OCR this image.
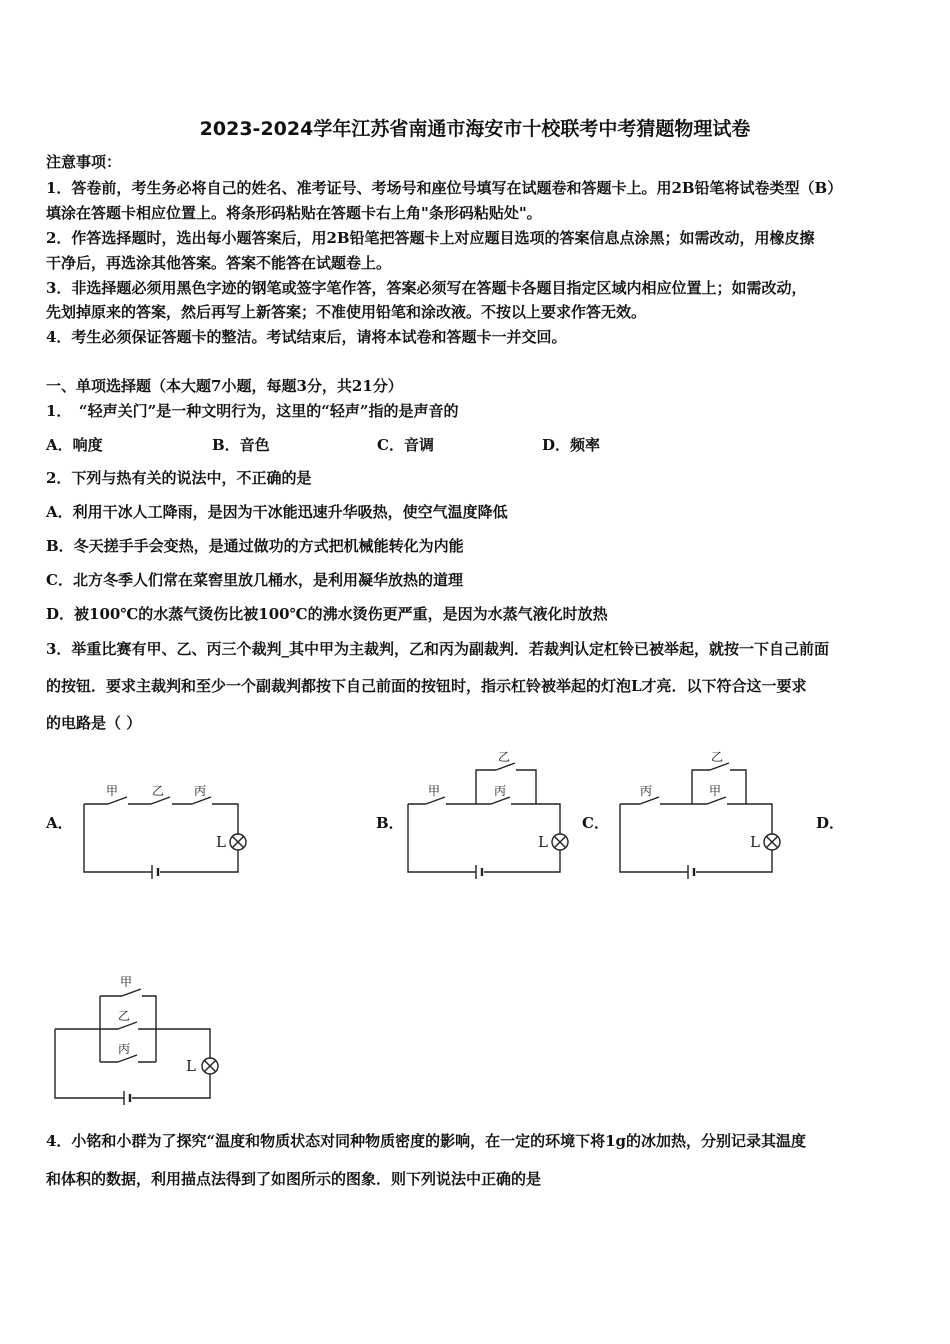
2023-2024学年江苏省南通市海安市十校联考中考猜题物理试卷
注意事项：
1．答卷前，考生务必将自己的姓名、准考证号、考场号和座位号填写在试题卷和答题卡上。用2B铅笔将试卷类型（B）
填涂在答题卡相应位置上。将条形码粘贴在答题卡右上角"条形码粘贴处"。
2．作答选择题时，选出每小题答案后，用2B铅笔把答题卡上对应题目选项的答案信息点涂黑；如需改动，用橡皮擦
干净后，再选涂其他答案。答案不能答在试题卷上。
3．非选择题必须用黑色字迹的钢笔或签字笔作答，答案必须写在答题卡各题目指定区域内相应位置上；如需改动，
先划掉原来的答案，然后再写上新答案；不准使用铅笔和涂改液。不按以上要求作答无效。
4．考生必须保证答题卡的整洁。考试结束后，请将本试卷和答题卡一并交回。
一、单项选择题（本大题7小题，每题3分，共21分）
1．　“轻声关门”是一种文明行为，这里的“轻声”指的是声音的
A．响度	B．音色	C．音调	D．频率
2．下列与热有关的说法中，不正确的是
A．利用干冰人工降雨，是因为干冰能迅速升华吸热，使空气温度降低
B．冬天搓手手会变热，是通过做功的方式把机械能转化为内能
C．北方冬季人们常在菜窖里放几桶水，是利用凝华放热的道理
D．被100℃的水蒸气烫伤比被100℃的沸水烫伤更严重，是因为水蒸气液化时放热
3．举重比赛有甲、乙、丙三个裁判_其中甲为主裁判，乙和丙为副裁判．若裁判认定杠铃已被举起，就按一下自己前面
的按钮．要求主裁判和至少一个副裁判都按下自己前面的按钮时，指示杠铃被举起的灯泡L才亮．以下符合这一要求
的电路是（ ）
A．	B．	C．	D．
甲	乙 丙
L
甲
乙
丙
L
丙
乙
甲
L
甲
乙
丙
L
4．小铭和小群为了探究“温度和物质状态对同种物质密度的影响，在一定的环境下将1g的冰加热，分别记录其温度
和体积的数据，利用描点法得到了如图所示的图象．则下列说法中正确的是
